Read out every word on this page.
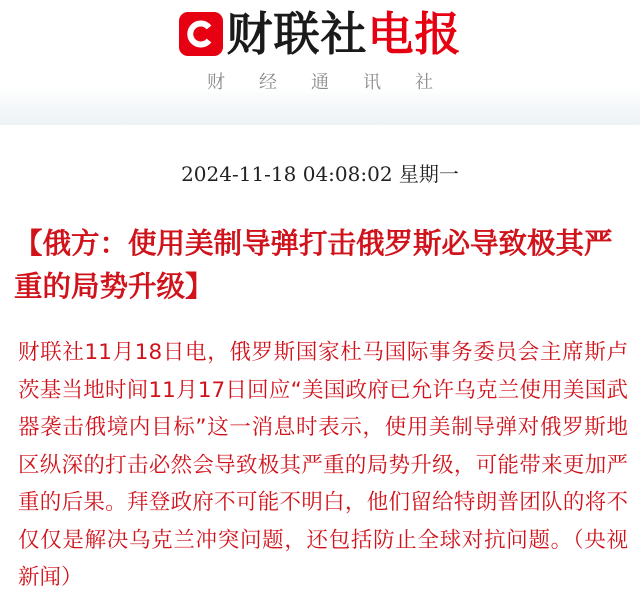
财联社 电报
财经通讯社
2024-11-18 04:08:02 星期一
【俄方：使用美制导弹打击俄罗斯必导致极其严重的局势升级】
财联社11月18日电，俄罗斯国家杜马国际事务委员会主席斯卢茨基当地时间11月17日回应“美国政府已允许乌克兰使用美国武器袭击俄境内目标”这一消息时表示，使用美制导弹对俄罗斯地区纵深的打击必然会导致极其严重的局势升级，可能带来更加严重的后果。拜登政府不可能不明白，他们留给特朗普团队的将不仅仅是解决乌克兰冲突问题，还包括防止全球对抗问题。（央视新闻）
